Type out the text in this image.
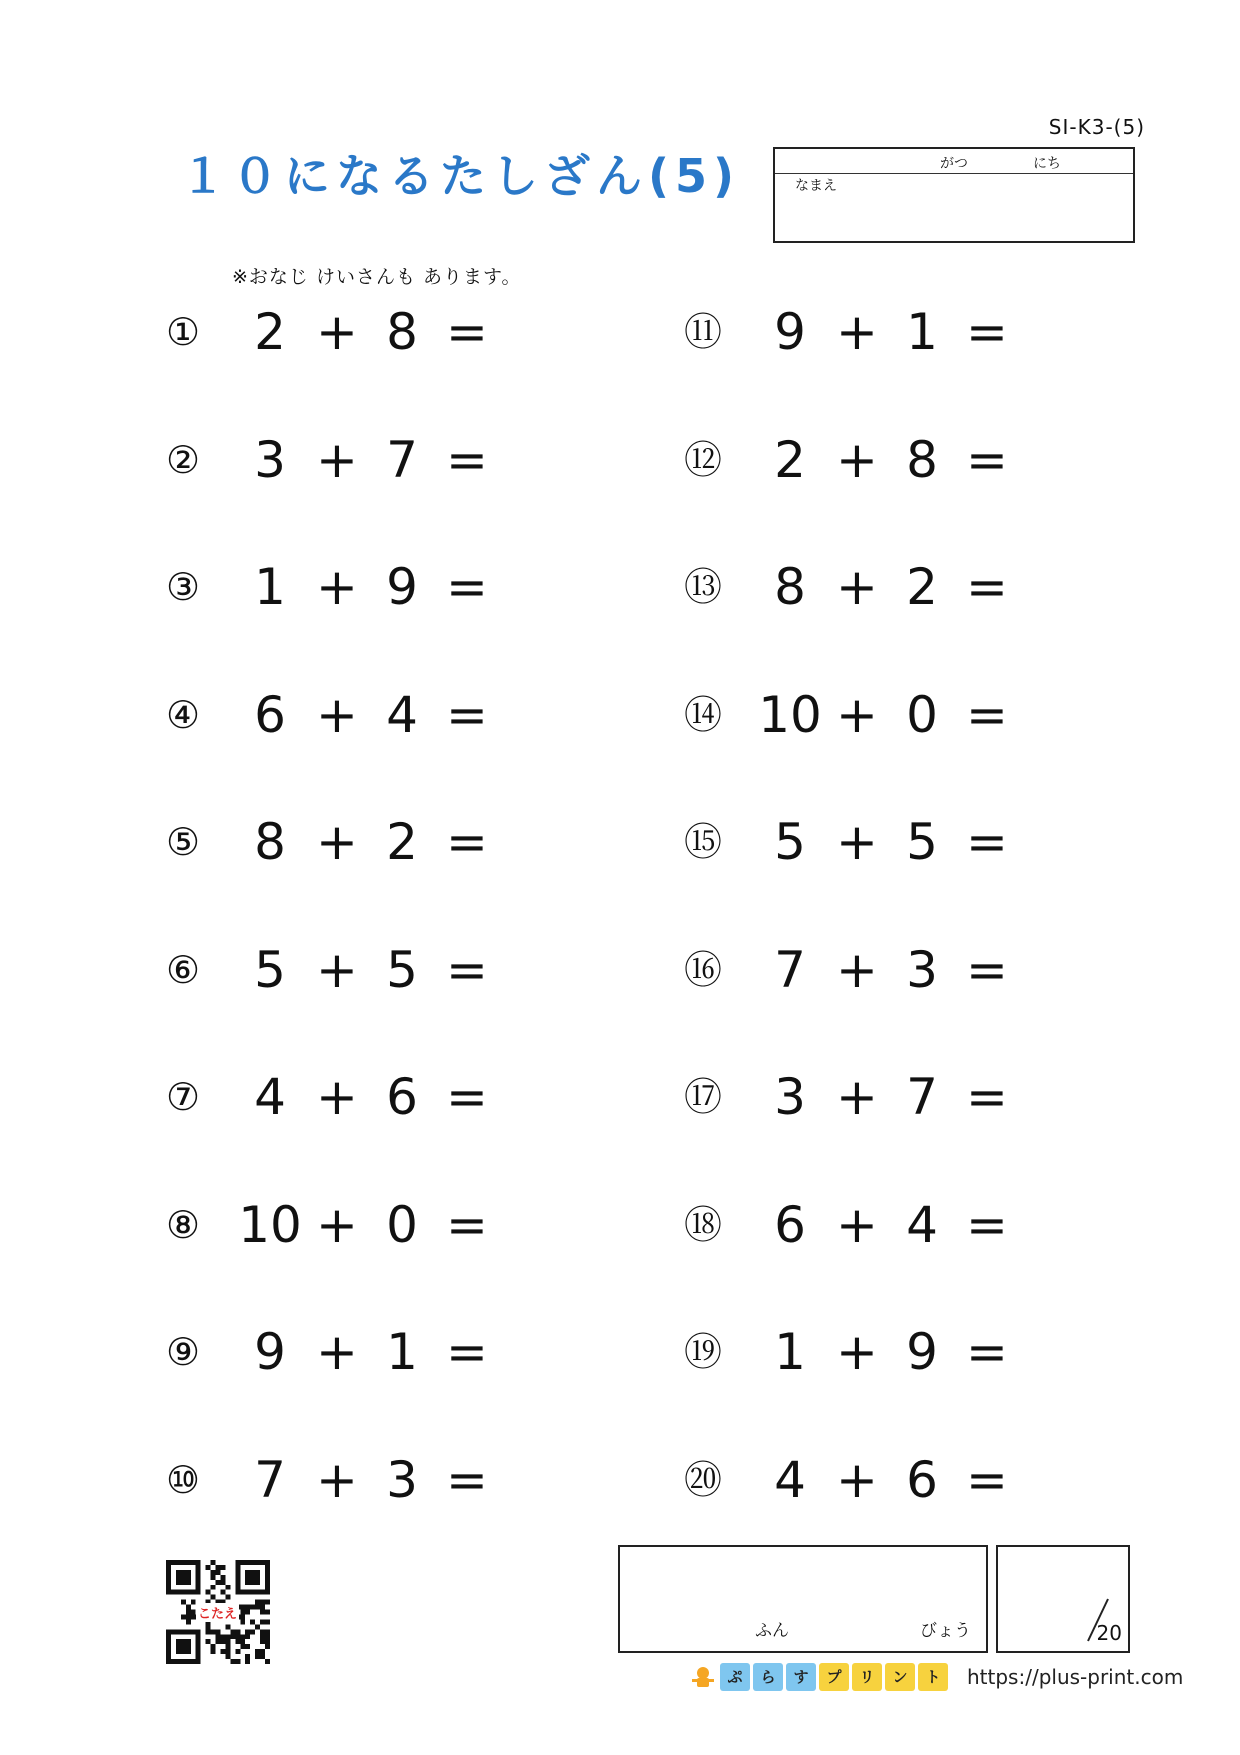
SI-K3-(5)
１０になるたしざん(5)	がつ	にち
なまえ
※おなじ けいさんも あります。
①	2 + 8 =
②	3 + 7 =
③	1 + 9 =
④	6 + 4 =
⑤	8 + 2 =
⑥	5 + 5 =
⑦	4 + 6 =
⑧ 10 + 0 =
⑨	9 + 1 =
⑩	7 + 3 =
⑪	9 + 1 =
⑫	2 + 8 =
⑬	8 + 2 =
⑭ 10 + 0 =
⑮	5 + 5 =
⑯	7 + 3 =
⑰	3 + 7 =
⑱	6 + 4 =
⑲	1 + 9 =
⑳	4 + 6 =
こたえ
ふん	びょう	20
ぷ ら す プ リ ン ト	https://plus-print.com
